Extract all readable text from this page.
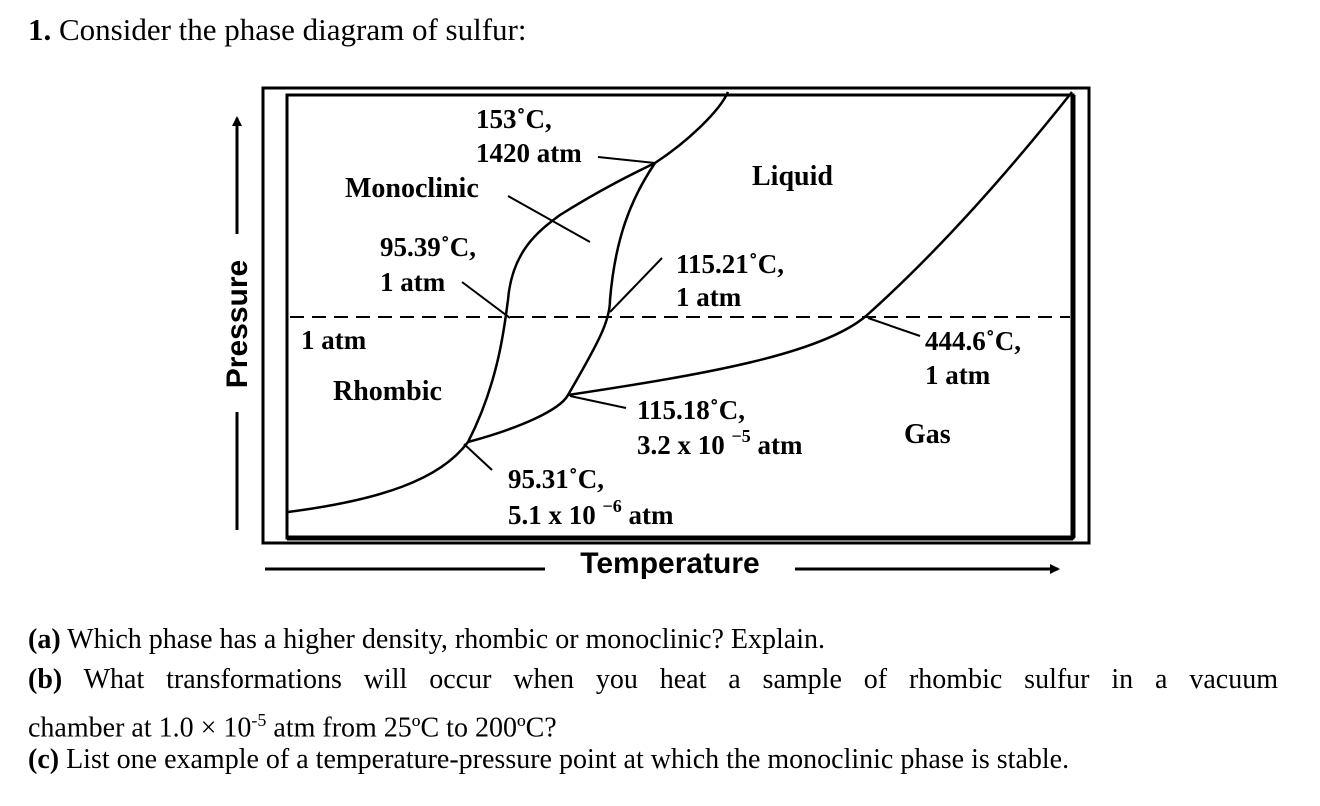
1. Consider the phase diagram of sulfur:
Pressure
Temperature
Monoclinic	Liquid
Rhombic
Gas
1 atm
153˚C,
1420 atm
95.39˚C,
1 atm
115.21˚C,
1 atm
444.6˚C,
1 atm
115.18˚C,
3.2 x 10 $^{-5}$ atm
95.31˚C,
5.1 x 10 $^{-6}$ atm
(a) Which phase has a higher density, rhombic or monoclinic? Explain.
(b) What transformations will occur when you heat a sample of rhombic sulfur in a vacuum
chamber at $1.0 \times 10^{-5}$ atm from 25ºC to 200ºC?
(c) List one example of a temperature-pressure point at which the monoclinic phase is stable.
